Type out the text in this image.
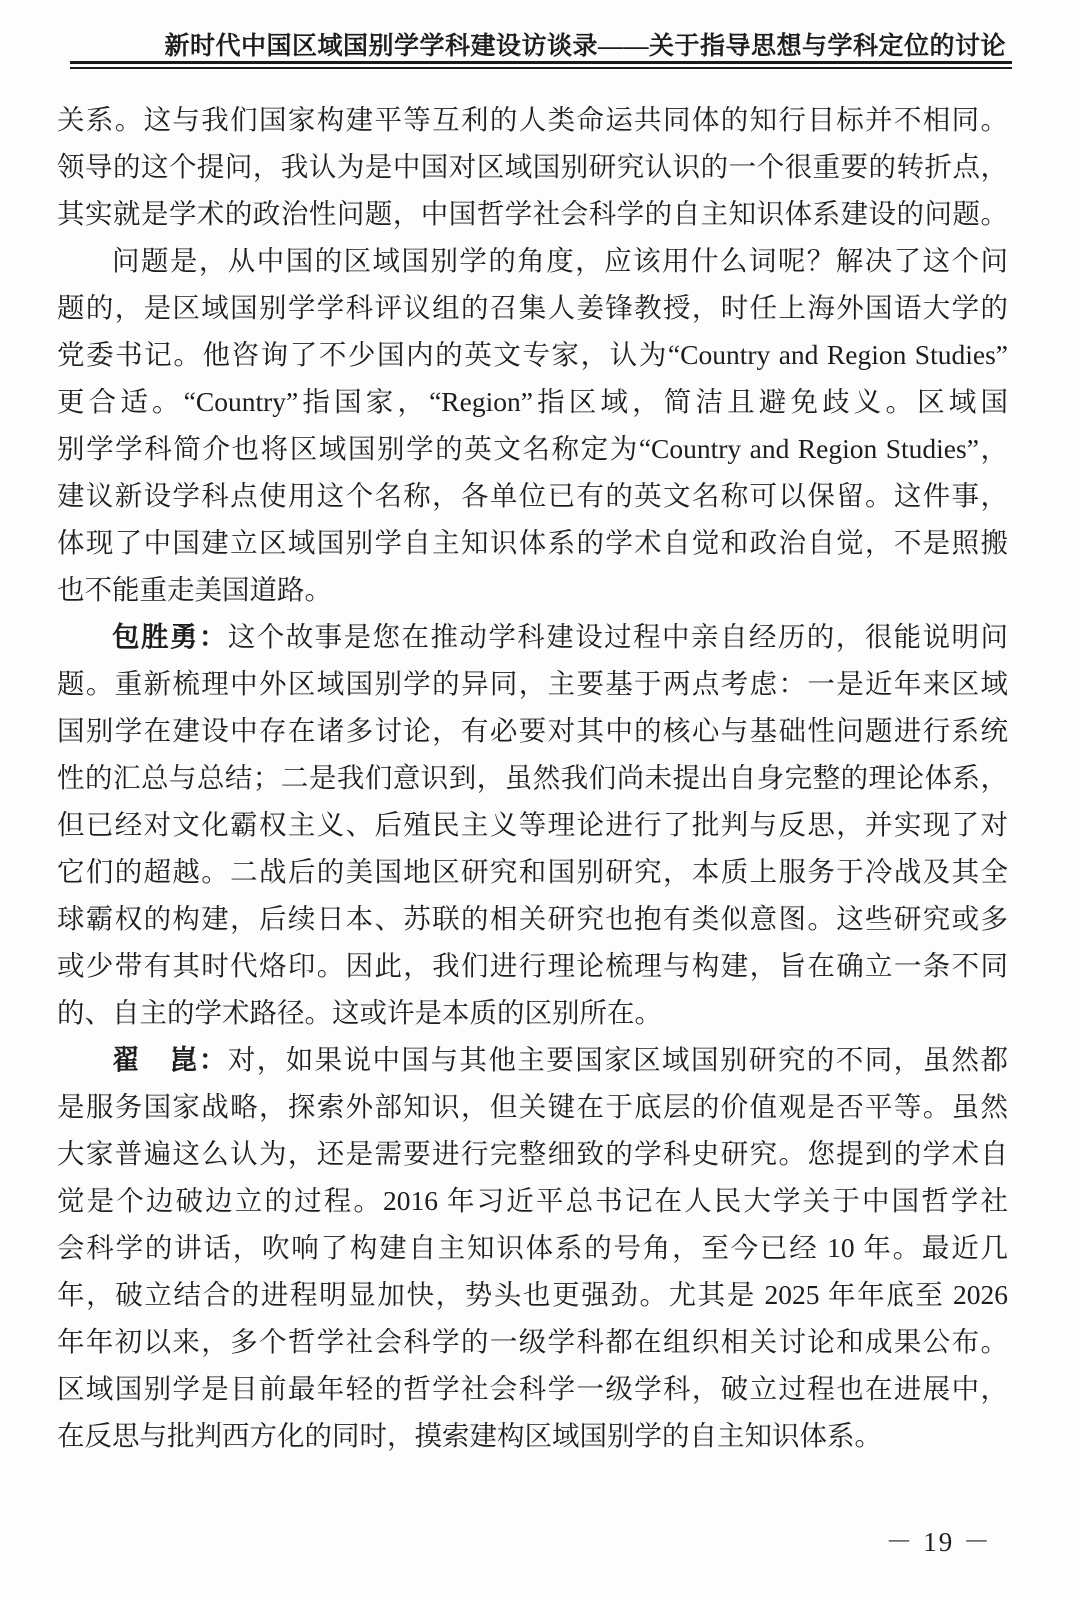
新时代中国区域国别学学科建设访谈录——关于指导思想与学科定位的讨论
关系。这与我们国家构建平等互利的人类命运共同体的知行目标并不相同。
领导的这个提问，我认为是中国对区域国别研究认识的一个很重要的转折点，
其实就是学术的政治性问题，中国哲学社会科学的自主知识体系建设的问题。
问题是，从中国的区域国别学的角度，应该用什么词呢？解决了这个问
题的，是区域国别学学科评议组的召集人姜锋教授，时任上海外国语大学的
党委书记。他咨询了不少国内的英文专家，认为“Country and Region Studies”
更合适。“Country”指国家，“Region”指区域，简洁且避免歧义。区域国
别学学科简介也将区域国别学的英文名称定为“Country and Region Studies”，
建议新设学科点使用这个名称，各单位已有的英文名称可以保留。这件事，
体现了中国建立区域国别学自主知识体系的学术自觉和政治自觉，不是照搬
也不能重走美国道路。
包胜勇：这个故事是您在推动学科建设过程中亲自经历的，很能说明问
题。重新梳理中外区域国别学的异同，主要基于两点考虑：一是近年来区域
国别学在建设中存在诸多讨论，有必要对其中的核心与基础性问题进行系统
性的汇总与总结；二是我们意识到，虽然我们尚未提出自身完整的理论体系，
但已经对文化霸权主义、后殖民主义等理论进行了批判与反思，并实现了对
它们的超越。二战后的美国地区研究和国别研究，本质上服务于冷战及其全
球霸权的构建，后续日本、苏联的相关研究也抱有类似意图。这些研究或多
或少带有其时代烙印。因此，我们进行理论梳理与构建，旨在确立一条不同
的、自主的学术路径。这或许是本质的区别所在。
翟　崑：对，如果说中国与其他主要国家区域国别研究的不同，虽然都
是服务国家战略，探索外部知识，但关键在于底层的价值观是否平等。虽然
大家普遍这么认为，还是需要进行完整细致的学科史研究。您提到的学术自
觉是个边破边立的过程。2016 年习近平总书记在人民大学关于中国哲学社
会科学的讲话，吹响了构建自主知识体系的号角，至今已经 10 年。最近几
年，破立结合的进程明显加快，势头也更强劲。尤其是 2025 年年底至 2026
年年初以来，多个哲学社会科学的一级学科都在组织相关讨论和成果公布。
区域国别学是目前最年轻的哲学社会科学一级学科，破立过程也在进展中，
在反思与批判西方化的同时，摸索建构区域国别学的自主知识体系。
－ 19 －
